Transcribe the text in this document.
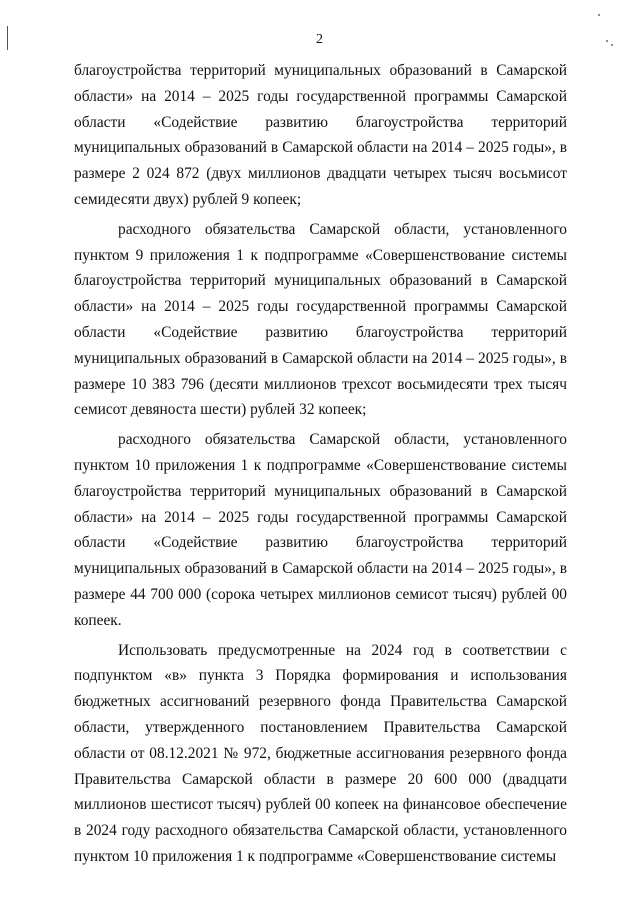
2

благоустройства территорий муниципальных образований в Самарской области» на 2014 – 2025 годы государственной программы Самарской области «Содействие развитию благоустройства территорий муниципальных образований в Самарской области на 2014 – 2025 годы», в размере 2 024 872 (двух миллионов двадцати четырех тысяч восьмисот семидесяти двух) рублей 9 копеек;

расходного обязательства Самарской области, установленного пунктом 9 приложения 1 к подпрограмме «Совершенствование системы благоустройства территорий муниципальных образований в Самарской области» на 2014 – 2025 годы государственной программы Самарской области «Содействие развитию благоустройства территорий муниципальных образований в Самарской области на 2014 – 2025 годы», в размере 10 383 796 (десяти миллионов трехсот восьмидесяти трех тысяч семисот девяноста шести) рублей 32 копеек;

расходного обязательства Самарской области, установленного пунктом 10 приложения 1 к подпрограмме «Совершенствование системы благоустройства территорий муниципальных образований в Самарской области» на 2014 – 2025 годы государственной программы Самарской области «Содействие развитию благоустройства территорий муниципальных образований в Самарской области на 2014 – 2025 годы», в размере 44 700 000 (сорока четырех миллионов семисот тысяч) рублей 00 копеек.

Использовать предусмотренные на 2024 год в соответствии с подпунктом «в» пункта 3 Порядка формирования и использования бюджетных ассигнований резервного фонда Правительства Самарской области, утвержденного постановлением Правительства Самарской области от 08.12.2021 № 972, бюджетные ассигнования резервного фонда Правительства Самарской области в размере 20 600 000 (двадцати миллионов шестисот тысяч) рублей 00 копеек на финансовое обеспечение в 2024 году расходного обязательства Самарской области, установленного пунктом 10 приложения 1 к подпрограмме «Совершенствование системы
